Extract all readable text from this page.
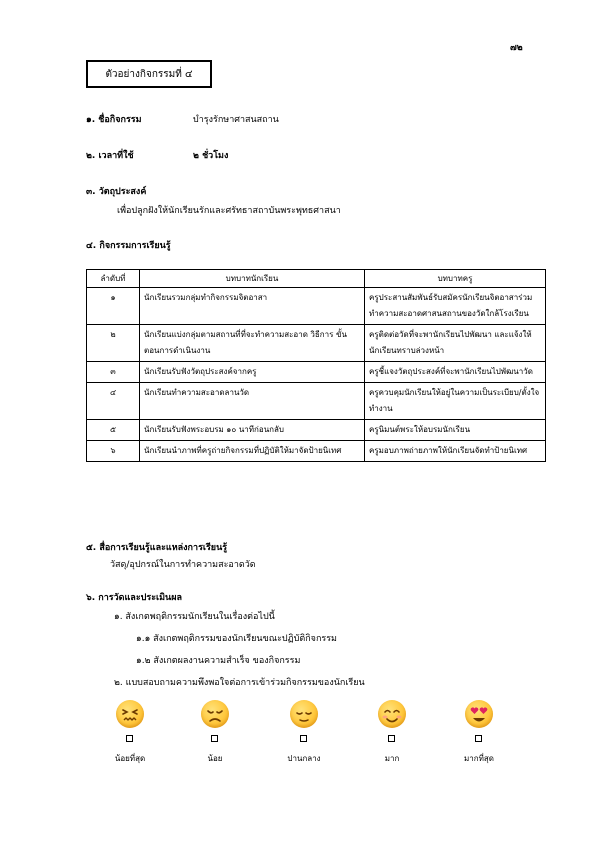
๗๒
ตัวอย่างกิจกรรมที่ ๔
๑. ชื่อกิจกรรม	บำรุงรักษาศาสนสถาน
๒. เวลาที่ใช้	๒ ชั่วโมง
๓. วัตถุประสงค์
เพื่อปลูกฝังให้นักเรียนรักและศรัทธาสถาบันพระพุทธศาสนา
๔. กิจกรรมการเรียนรู้
ลำดับที่	บทบาทนักเรียน	บทบาทครู
๑	นักเรียนรวมกลุ่มทำกิจกรรมจิตอาสา	ครูประสานสัมพันธ์รับสมัครนักเรียนจิตอาสาร่วมทำความสะอาดศาสนสถานของวัดใกล้โรงเรียน
๒	นักเรียนแบ่งกลุ่มตามสถานที่ที่จะทำความสะอาด วิธีการ ขั้นตอนการดำเนินงาน	ครูติดต่อวัดที่จะพานักเรียนไปพัฒนา และแจ้งให้นักเรียนทราบล่วงหน้า
๓	นักเรียนรับฟังวัตถุประสงค์จากครู	ครูชี้แจงวัตถุประสงค์ที่จะพานักเรียนไปพัฒนาวัด
๔	นักเรียนทำความสะอาดลานวัด	ครูควบคุมนักเรียนให้อยู่ในความเป็นระเบียบ/ตั้งใจทำงาน
๕	นักเรียนรับฟังพระอบรม ๑๐ นาทีก่อนกลับ	ครูนิมนต์พระให้อบรมนักเรียน
๖	นักเรียนนำภาพที่ครูถ่ายกิจกรรมที่ปฏิบัติให้มาจัดป้ายนิเทศ	ครูมอบภาพถ่ายภาพให้นักเรียนจัดทำป้ายนิเทศ
๕. สื่อการเรียนรู้และแหล่งการเรียนรู้
วัสดุ/อุปกรณ์ในการทำความสะอาดวัด
๖. การวัดและประเมินผล
๑. สังเกตพฤติกรรมนักเรียนในเรื่องต่อไปนี้
๑.๑ สังเกตพฤติกรรมของนักเรียนขณะปฏิบัติกิจกรรม
๑.๒ สังเกตผลงานความสำเร็จ ของกิจกรรม
๒. แบบสอบถามความพึงพอใจต่อการเข้าร่วมกิจกรรมของนักเรียน
น้อยที่สุด	น้อย	ปานกลาง	มาก	มากที่สุด
